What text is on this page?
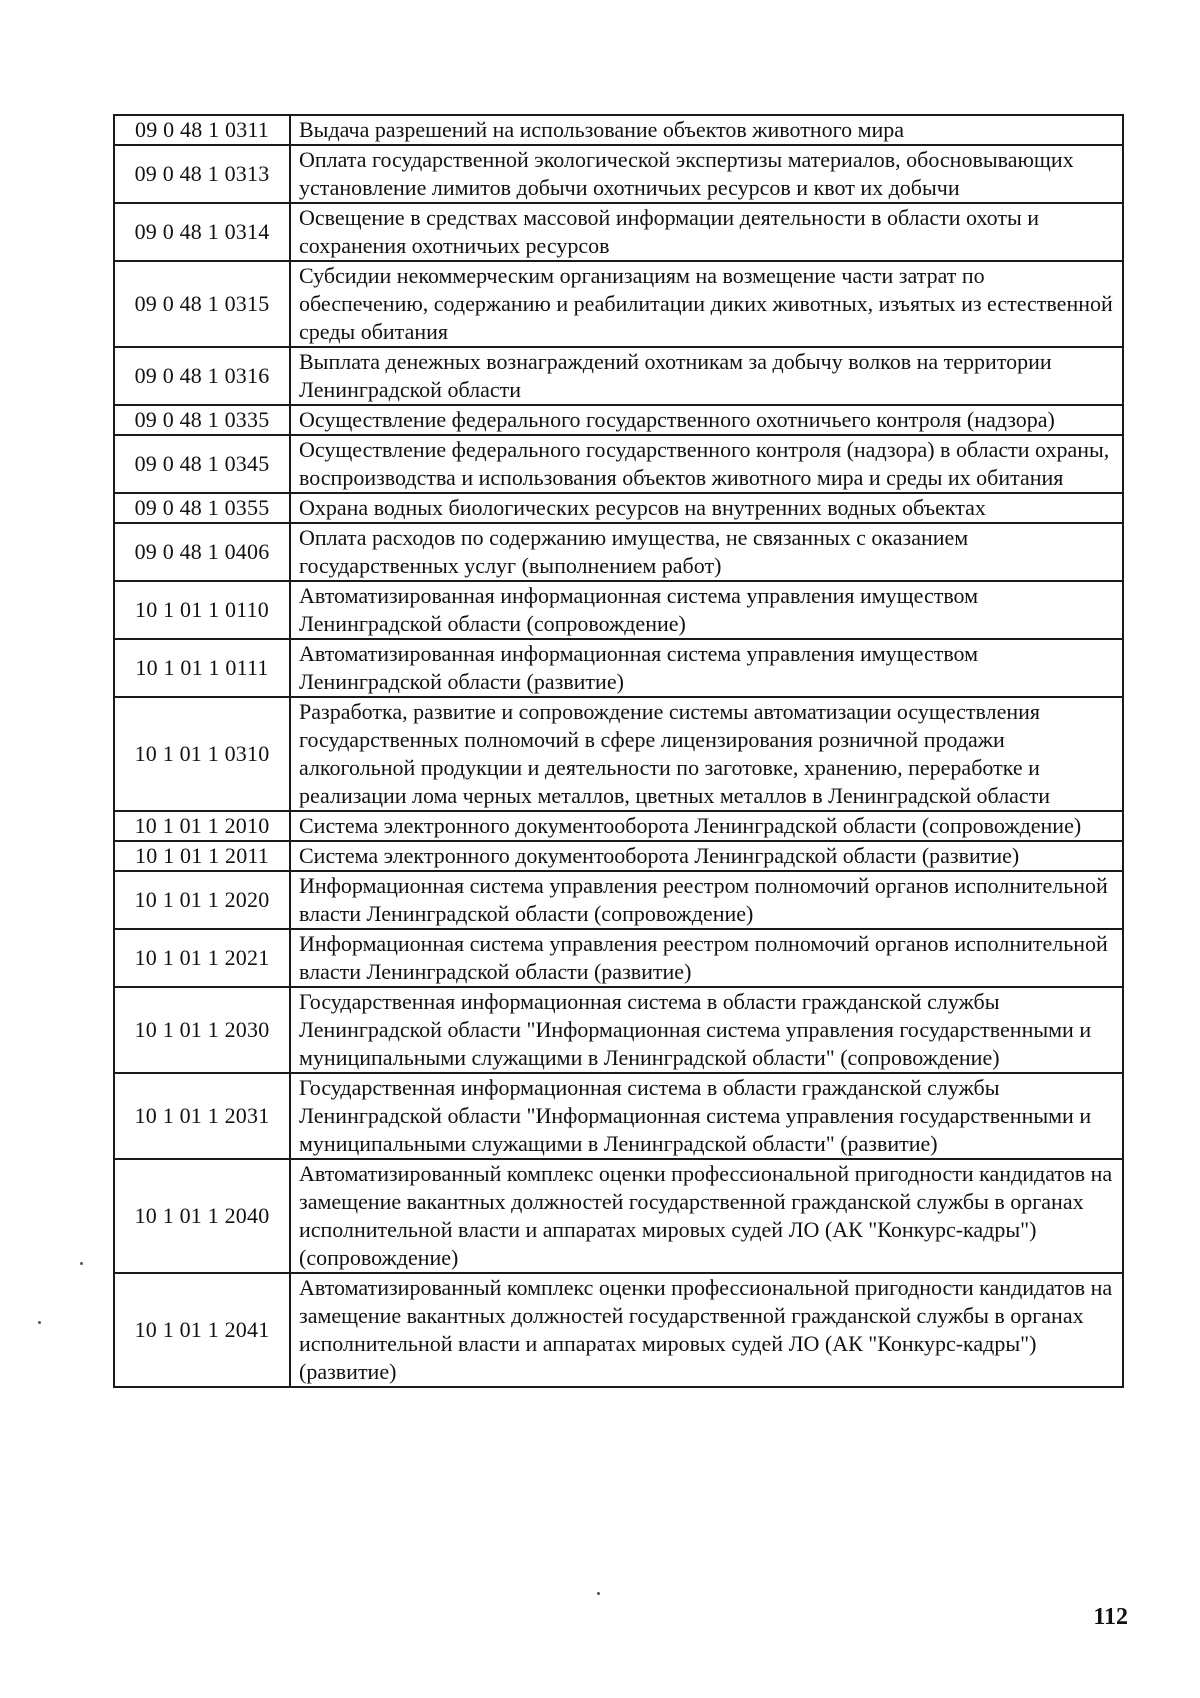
09 0 48 1 0311	Выдача разрешений на использование объектов животного мира
09 0 48 1 0313	Оплата государственной экологической экспертизы материалов, обосновывающих установление лимитов добычи охотничьих ресурсов и квот их добычи
09 0 48 1 0314	Освещение в средствах массовой информации деятельности в области охоты и сохранения охотничьих ресурсов
09 0 48 1 0315	Субсидии некоммерческим организациям на возмещение части затрат по обеспечению, содержанию и реабилитации диких животных, изъятых из естественной среды обитания
09 0 48 1 0316	Выплата денежных вознаграждений охотникам за добычу волков на территории Ленинградской области
09 0 48 1 0335	Осуществление федерального государственного охотничьего контроля (надзора)
09 0 48 1 0345	Осуществление федерального государственного контроля (надзора) в области охраны, воспроизводства и использования объектов животного мира и среды их обитания
09 0 48 1 0355	Охрана водных биологических ресурсов на внутренних водных объектах
09 0 48 1 0406	Оплата расходов по содержанию имущества, не связанных с оказанием государственных услуг (выполнением работ)
10 1 01 1 0110	Автоматизированная информационная система управления имуществом Ленинградской области (сопровождение)
10 1 01 1 0111	Автоматизированная информационная система управления имуществом Ленинградской области (развитие)
10 1 01 1 0310	Разработка, развитие и сопровождение системы автоматизации осуществления государственных полномочий в сфере лицензирования розничной продажи алкогольной продукции и деятельности по заготовке, хранению, переработке и реализации лома черных металлов, цветных металлов в Ленинградской области
10 1 01 1 2010	Система электронного документооборота Ленинградской области (сопровождение)
10 1 01 1 2011	Система электронного документооборота Ленинградской области (развитие)
10 1 01 1 2020	Информационная система управления реестром полномочий органов исполнительной власти Ленинградской области (сопровождение)
10 1 01 1 2021	Информационная система управления реестром полномочий органов исполнительной власти Ленинградской области (развитие)
10 1 01 1 2030	Государственная информационная система в области гражданской службы Ленинградской области "Информационная система управления государственными и муниципальными служащими в Ленинградской области" (сопровождение)
10 1 01 1 2031	Государственная информационная система в области гражданской службы Ленинградской области "Информационная система управления государственными и муниципальными служащими в Ленинградской области" (развитие)
10 1 01 1 2040	Автоматизированный комплекс оценки профессиональной пригодности кандидатов на замещение вакантных должностей государственной гражданской службы в органах исполнительной власти и аппаратах мировых судей ЛО (АК "Конкурс-кадры") (сопровождение)
10 1 01 1 2041	Автоматизированный комплекс оценки профессиональной пригодности кандидатов на замещение вакантных должностей государственной гражданской службы в органах исполнительной власти и аппаратах мировых судей ЛО (АК "Конкурс-кадры") (развитие)
112
